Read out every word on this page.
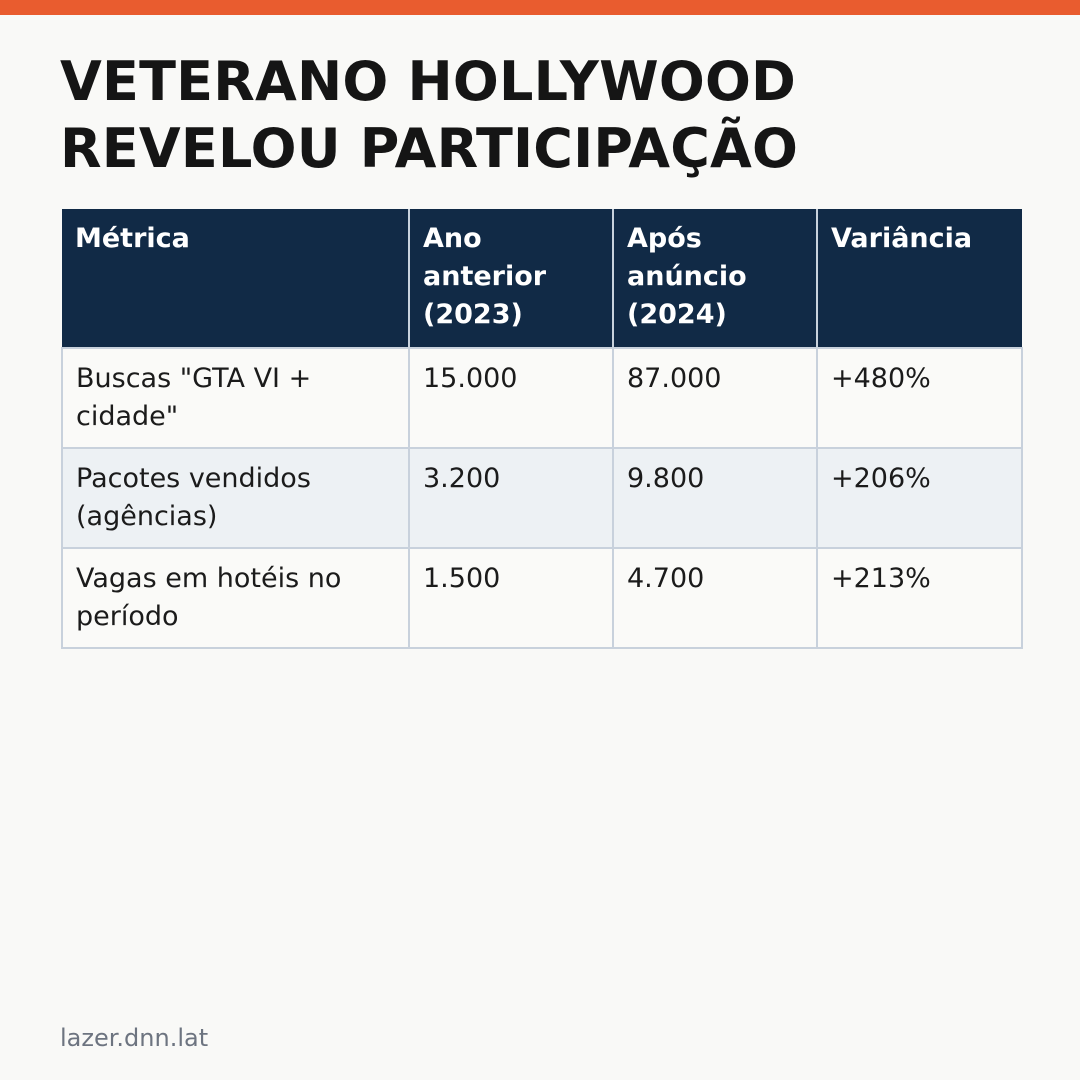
VETERANO HOLLYWOOD REVELOU PARTICIPAÇÃO
Métrica	Ano anterior (2023)	Após anúncio (2024)	Variância
Buscas "GTA VI + cidade"	15.000	87.000	+480%
Pacotes vendidos (agências)	3.200	9.800	+206%
Vagas em hotéis no período	1.500	4.700	+213%
lazer.dnn.lat
